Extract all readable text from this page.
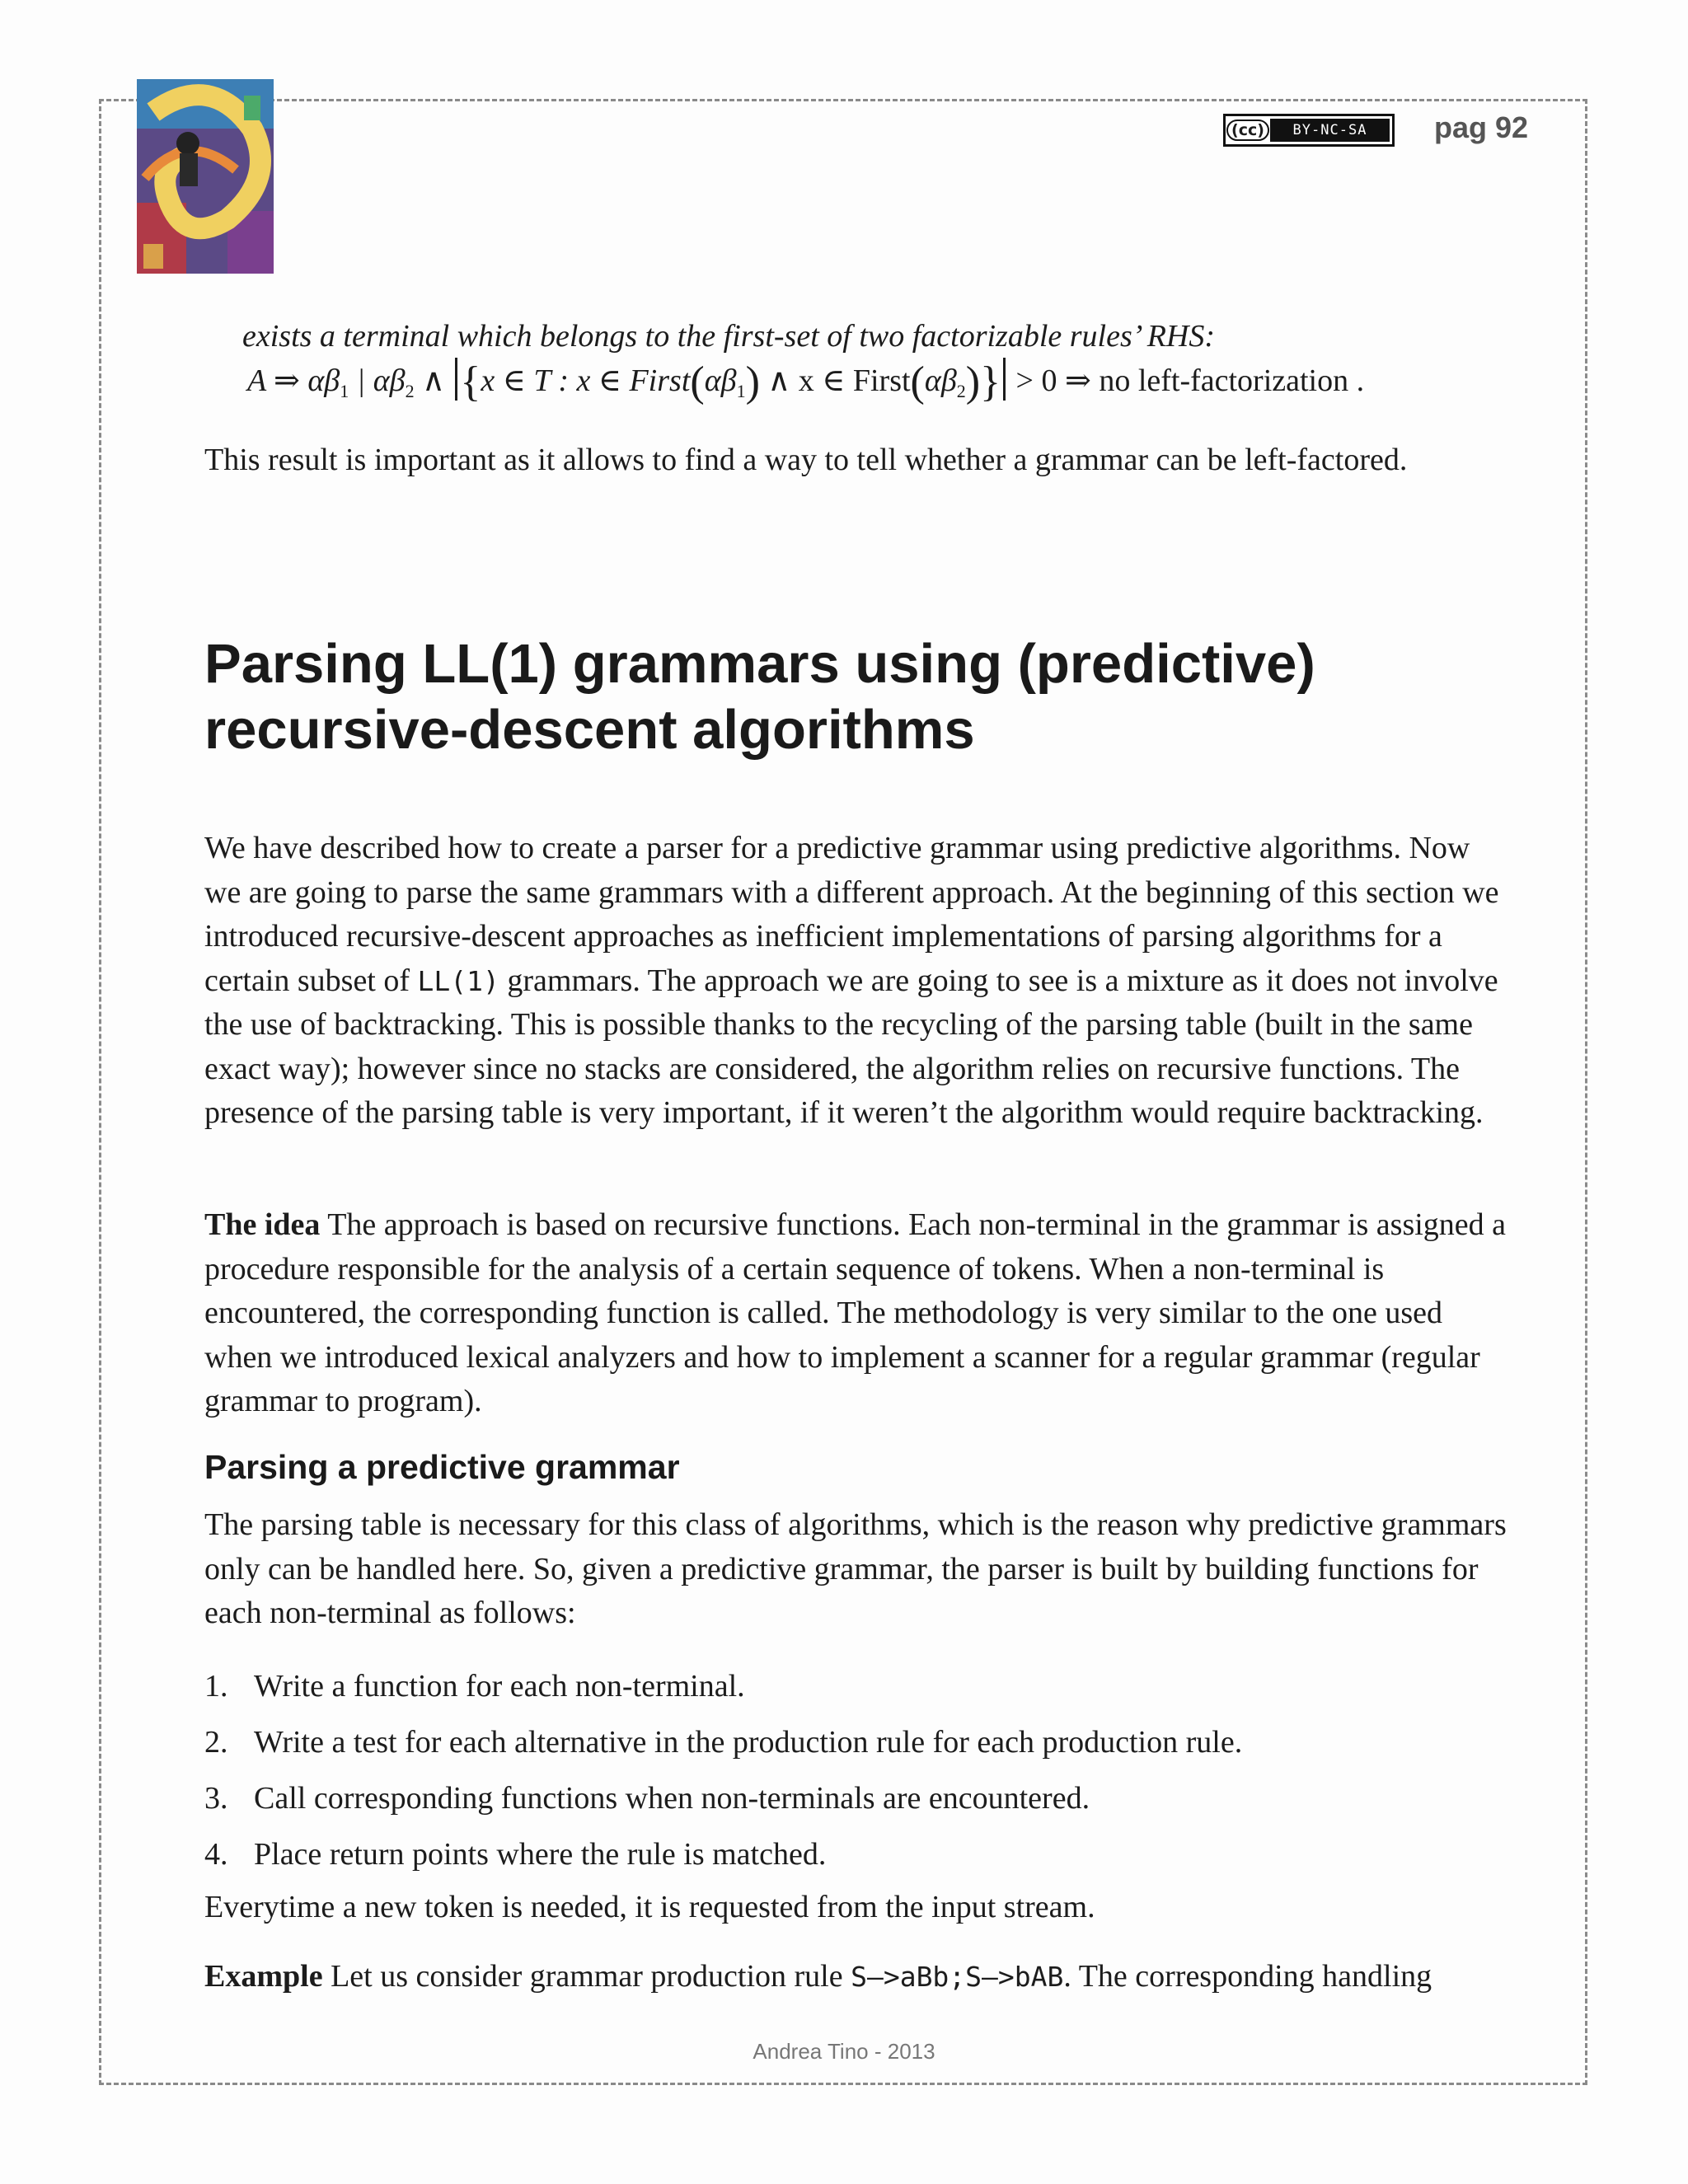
(cc)	BY-NC-SA	pag 92
exists a terminal which belongs to the first-set of two factorizable rules’ RHS:
A ⇒ $\alpha\beta_1$ | $\alpha\beta_2$ ∧ {x ∈ T : x ∈ $First(\alpha\beta_1)$ ∧ x ∈ $First(\alpha\beta_2)\} > 0$ ⇒ no left-factorization .

This result is important as it allows to find a way to tell whether a grammar can be left-factored.

Parsing LL(1) grammars using (predictive)
recursive-descent algorithms

We have described how to create a parser for a predictive grammar using predictive algorithms. Now we are going to parse the same grammars with a different approach. At the beginning of this section we introduced recursive-descent approaches as inefficient implementations of parsing algorithms for a certain subset of LL(1) grammars. The approach we are going to see is a mixture as it does not involve the use of backtracking. This is possible thanks to the recycling of the parsing table (built in the same exact way); however since no stacks are considered, the algorithm relies on recursive functions. The presence of the parsing table is very important, if it weren’t the algorithm would require backtracking.

The idea The approach is based on recursive functions. Each non-terminal in the grammar is assigned a procedure responsible for the analysis of a certain sequence of tokens. When a non-terminal is encountered, the corresponding function is called. The methodology is very similar to the one used when we introduced lexical analyzers and how to implement a scanner for a regular grammar (regular grammar to program).

Parsing a predictive grammar

The parsing table is necessary for this class of algorithms, which is the reason why predictive grammars only can be handled here. So, given a predictive grammar, the parser is built by building functions for each non-terminal as follows:

1. Write a function for each non-terminal.
2. Write a test for each alternative in the production rule for each production rule.
3. Call corresponding functions when non-terminals are encountered.
4. Place return points where the rule is matched.

Everytime a new token is needed, it is requested from the input stream.

Example Let us consider grammar production rule S–>aBb;S–>bAB. The corresponding handling

Andrea Tino - 2013
